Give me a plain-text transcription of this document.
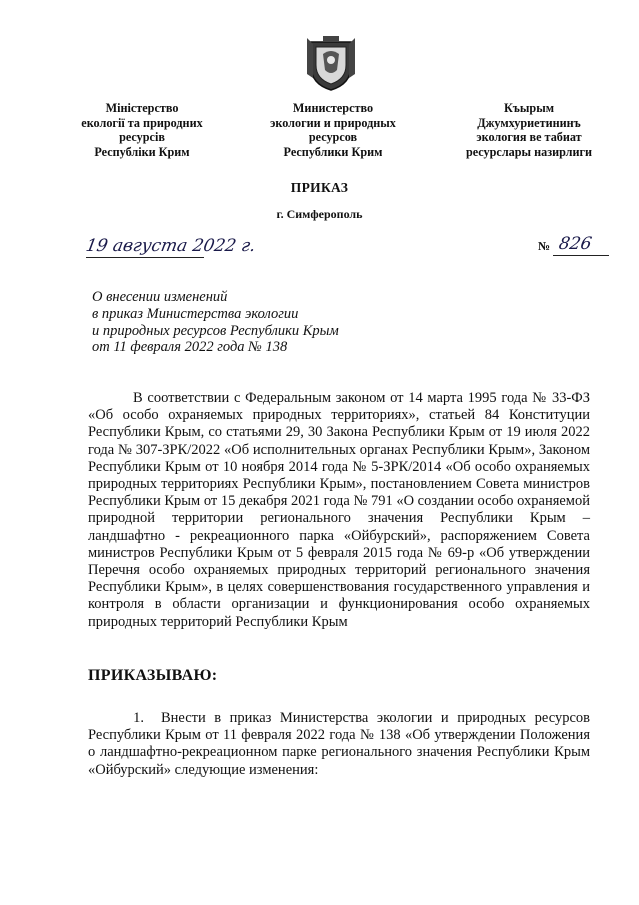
Міністерство
екології та природних
ресурсів
Республіки Крим
Министерство
экологии и природных
ресурсов
Республики Крим
Къырым
Джумхуриетининъ
экология ве табиат
ресурслары назирлиги
ПРИКАЗ
г. Симферополь
19 августа 2022 г.	№ 826
О внесении изменений
в приказ Министерства экологии
и природных ресурсов Республики Крым
от 11 февраля 2022 года № 138
В соответствии с Федеральным законом от 14 марта 1995 года № 33-ФЗ «Об особо охраняемых природных территориях», статьей 84 Конституции Республики Крым, со статьями 29, 30 Закона Республики Крым от 19 июля 2022 года № 307-ЗРК/2022 «Об исполнительных органах Республики Крым», Законом Республики Крым от 10 ноября 2014 года № 5-ЗРК/2014 «Об особо охраняемых природных территориях Республики Крым», постановлением Совета министров Республики Крым от 15 декабря 2021 года № 791 «О создании особо охраняемой природной территории регионального значения Республики Крым – ландшафтно - рекреационного парка «Ойбурский», распоряжением Совета министров Республики Крым от 5 февраля 2015 года № 69-р «Об утверждении Перечня особо охраняемых природных территорий регионального значения Республики Крым», в целях совершенствования государственного управления и контроля в области организации и функционирования особо охраняемых природных территорий Республики Крым
ПРИКАЗЫВАЮ:
1. Внести в приказ Министерства экологии и природных ресурсов Республики Крым от 11 февраля 2022 года № 138 «Об утверждении Положения о ландшафтно-рекреационном парке регионального значения Республики Крым «Ойбурский» следующие изменения:
